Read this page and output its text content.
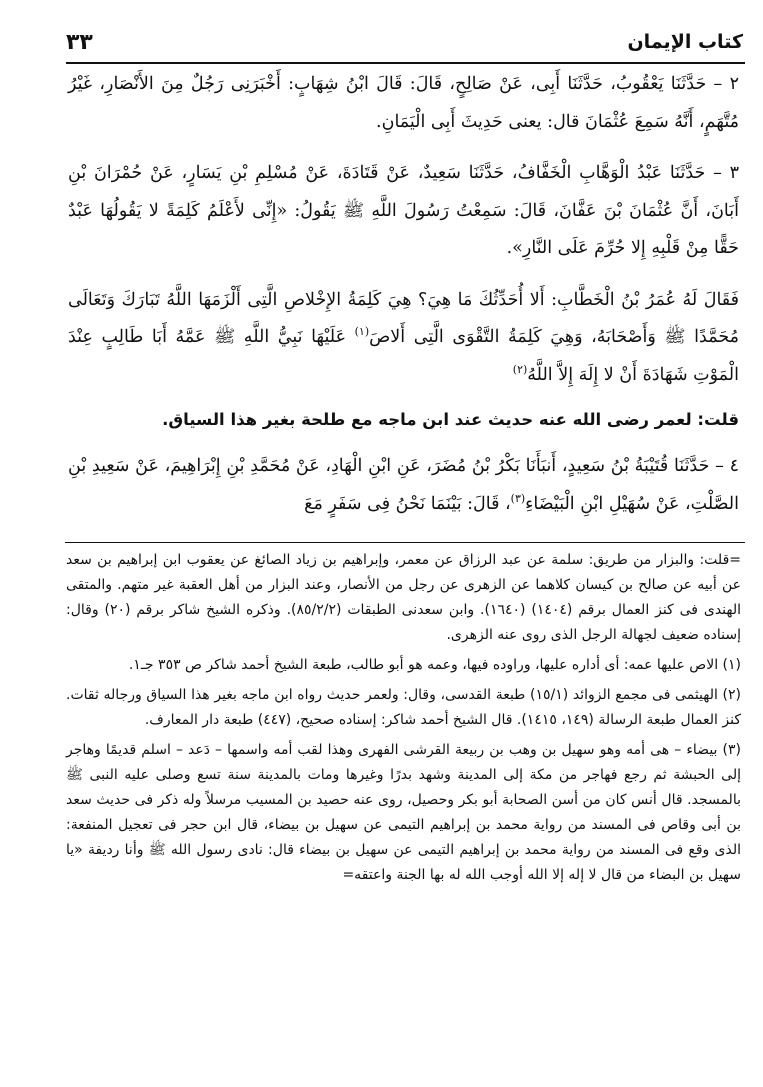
٣٣	كتاب الإيمان

٢ – حَدَّثَنَا يَعْقُوبُ، حَدَّثَنَا أَبِى، عَنْ صَالِحٍ، قَالَ: قَالَ ابْنُ شِهَابٍ: أَخْبَرَنِى رَجُلٌ مِنَ الأَنْصَارِ، غَيْرُ مُتَّهَمٍ، أَنَّهُ سَمِعَ عُثْمَانَ قال: يعنى حَدِيثَ أَبِى الْيَمَانِ.

٣ – حَدَّثَنَا عَبْدُ الْوَهَّابِ الْخَفَّافُ، حَدَّثَنَا سَعِيدٌ، عَنْ قَتَادَةَ، عَنْ مُسْلِمِ بْنِ يَسَارٍ، عَنْ حُمْرَانَ بْنِ أَبَانَ، أَنَّ عُثْمَانَ بْنَ عَفَّانَ، قَالَ: سَمِعْتُ رَسُولَ اللَّهِ ﷺ يَقُولُ: «إِنِّى لأَعْلَمُ كَلِمَةً لا يَقُولُهَا عَبْدٌ حَقًّا مِنْ قَلْبِهِ إِلا حُرِّمَ عَلَى النَّارِ».

فَقَالَ لَهُ عُمَرُ بْنُ الْخَطَّابِ: أَلا أُحَدِّثُكَ مَا هِيَ؟ هِيَ كَلِمَةُ الإِخْلاصِ الَّتِى أَلْزَمَهَا اللَّهُ تَبَارَكَ وَتَعَالَى مُحَمَّدًا ﷺ وَأَصْحَابَهُ، وَهِيَ كَلِمَةُ التَّقْوَى الَّتِى أَلاصَ$^{(١)}$ عَلَيْهَا نَبِيُّ اللَّهِ ﷺ عَمَّهُ أَبَا طَالِبٍ عِنْدَ الْمَوْتِ شَهَادَةَ أَنْ لا إِلَهَ إِلاَّ اللَّهُ$^{(٢)}$

قلت: لعمر رضى الله عنه حديث عند ابن ماجه مع طلحة بغير هذا السياق.

٤ – حَدَّثَنَا قُتَيْبَةُ بْنُ سَعِيدٍ، أَنبَأَنَا بَكْرُ بْنُ مُضَرَ، عَنِ ابْنِ الْهَادِ، عَنْ مُحَمَّدِ بْنِ إِبْرَاهِيمَ، عَنْ سَعِيدِ بْنِ الصَّلْتِ، عَنْ سُهَيْلِ ابْنِ الْبَيْضَاءِ$^{(٣)}$، قَالَ: بَيْنَمَا نَحْنُ فِى سَفَرٍ مَعَ

=قلت: والبزار من طريق: سلمة عن عبد الرزاق عن معمر، وإبراهيم بن زياد الصائغ عن يعقوب ابن إبراهيم بن سعد عن أبيه عن صالح بن كيسان كلاهما عن الزهرى عن رجل من الأنصار، وعند البزار من أهل العقبة غير متهم. والمتقى الهندى فى كنز العمال برقم (١٤٠٤) (١٦٤٠). وابن سعدنى الطبقات (٨٥/٢/٢). وذكره الشيخ شاكر برقم (٢٠) وقال: إسناده ضعيف لجهالة الرجل الذى روى عنه الزهرى.

(١) الاص عليها عمه: أى أداره عليها، وراوده فيها، وعمه هو أبو طالب، طبعة الشيخ أحمد شاكر ص ٣٥٣ جـ١.

(٢) الهيثمى فى مجمع الزوائد (١٥/١) طبعة القدسى، وقال: ولعمر حديث رواه ابن ماجه بغير هذا السياق ورجاله ثقات. كنز العمال طبعة الرسالة (١٤٩، ١٤١٥). قال الشيخ أحمد شاكر: إسناده صحيح، (٤٤٧) طبعة دار المعارف.

(٣) بيضاء – هى أمه وهو سهيل بن وهب بن ربيعة القرشى الفهرى وهذا لقب أمه واسمها – دَعد – اسلم قديمًا وهاجر إلى الحبشة ثم رجع فهاجر من مكة إلى المدينة وشهد بدرًا وغيرها ومات بالمدينة سنة تسع وصلى عليه النبى ﷺ بالمسجد. قال أنس كان من أسن الصحابة أبو بكر وحصيل، روى عنه حصيد بن المسيب مرسلاً وله ذكر فى حديث سعد بن أبى وقاص فى المسند من رواية محمد بن إبراهيم التيمى عن سهيل بن بيضاء، قال ابن حجر فى تعجيل المنفعة: الذى وقع فى المسند من رواية محمد بن إبراهيم التيمى عن سهيل بن بيضاء قال: نادى رسول الله ﷺ وأنا رديفة «يا سهيل بن البضاء من قال لا إله إلا الله أوجب الله له بها الجنة واعتقه=
